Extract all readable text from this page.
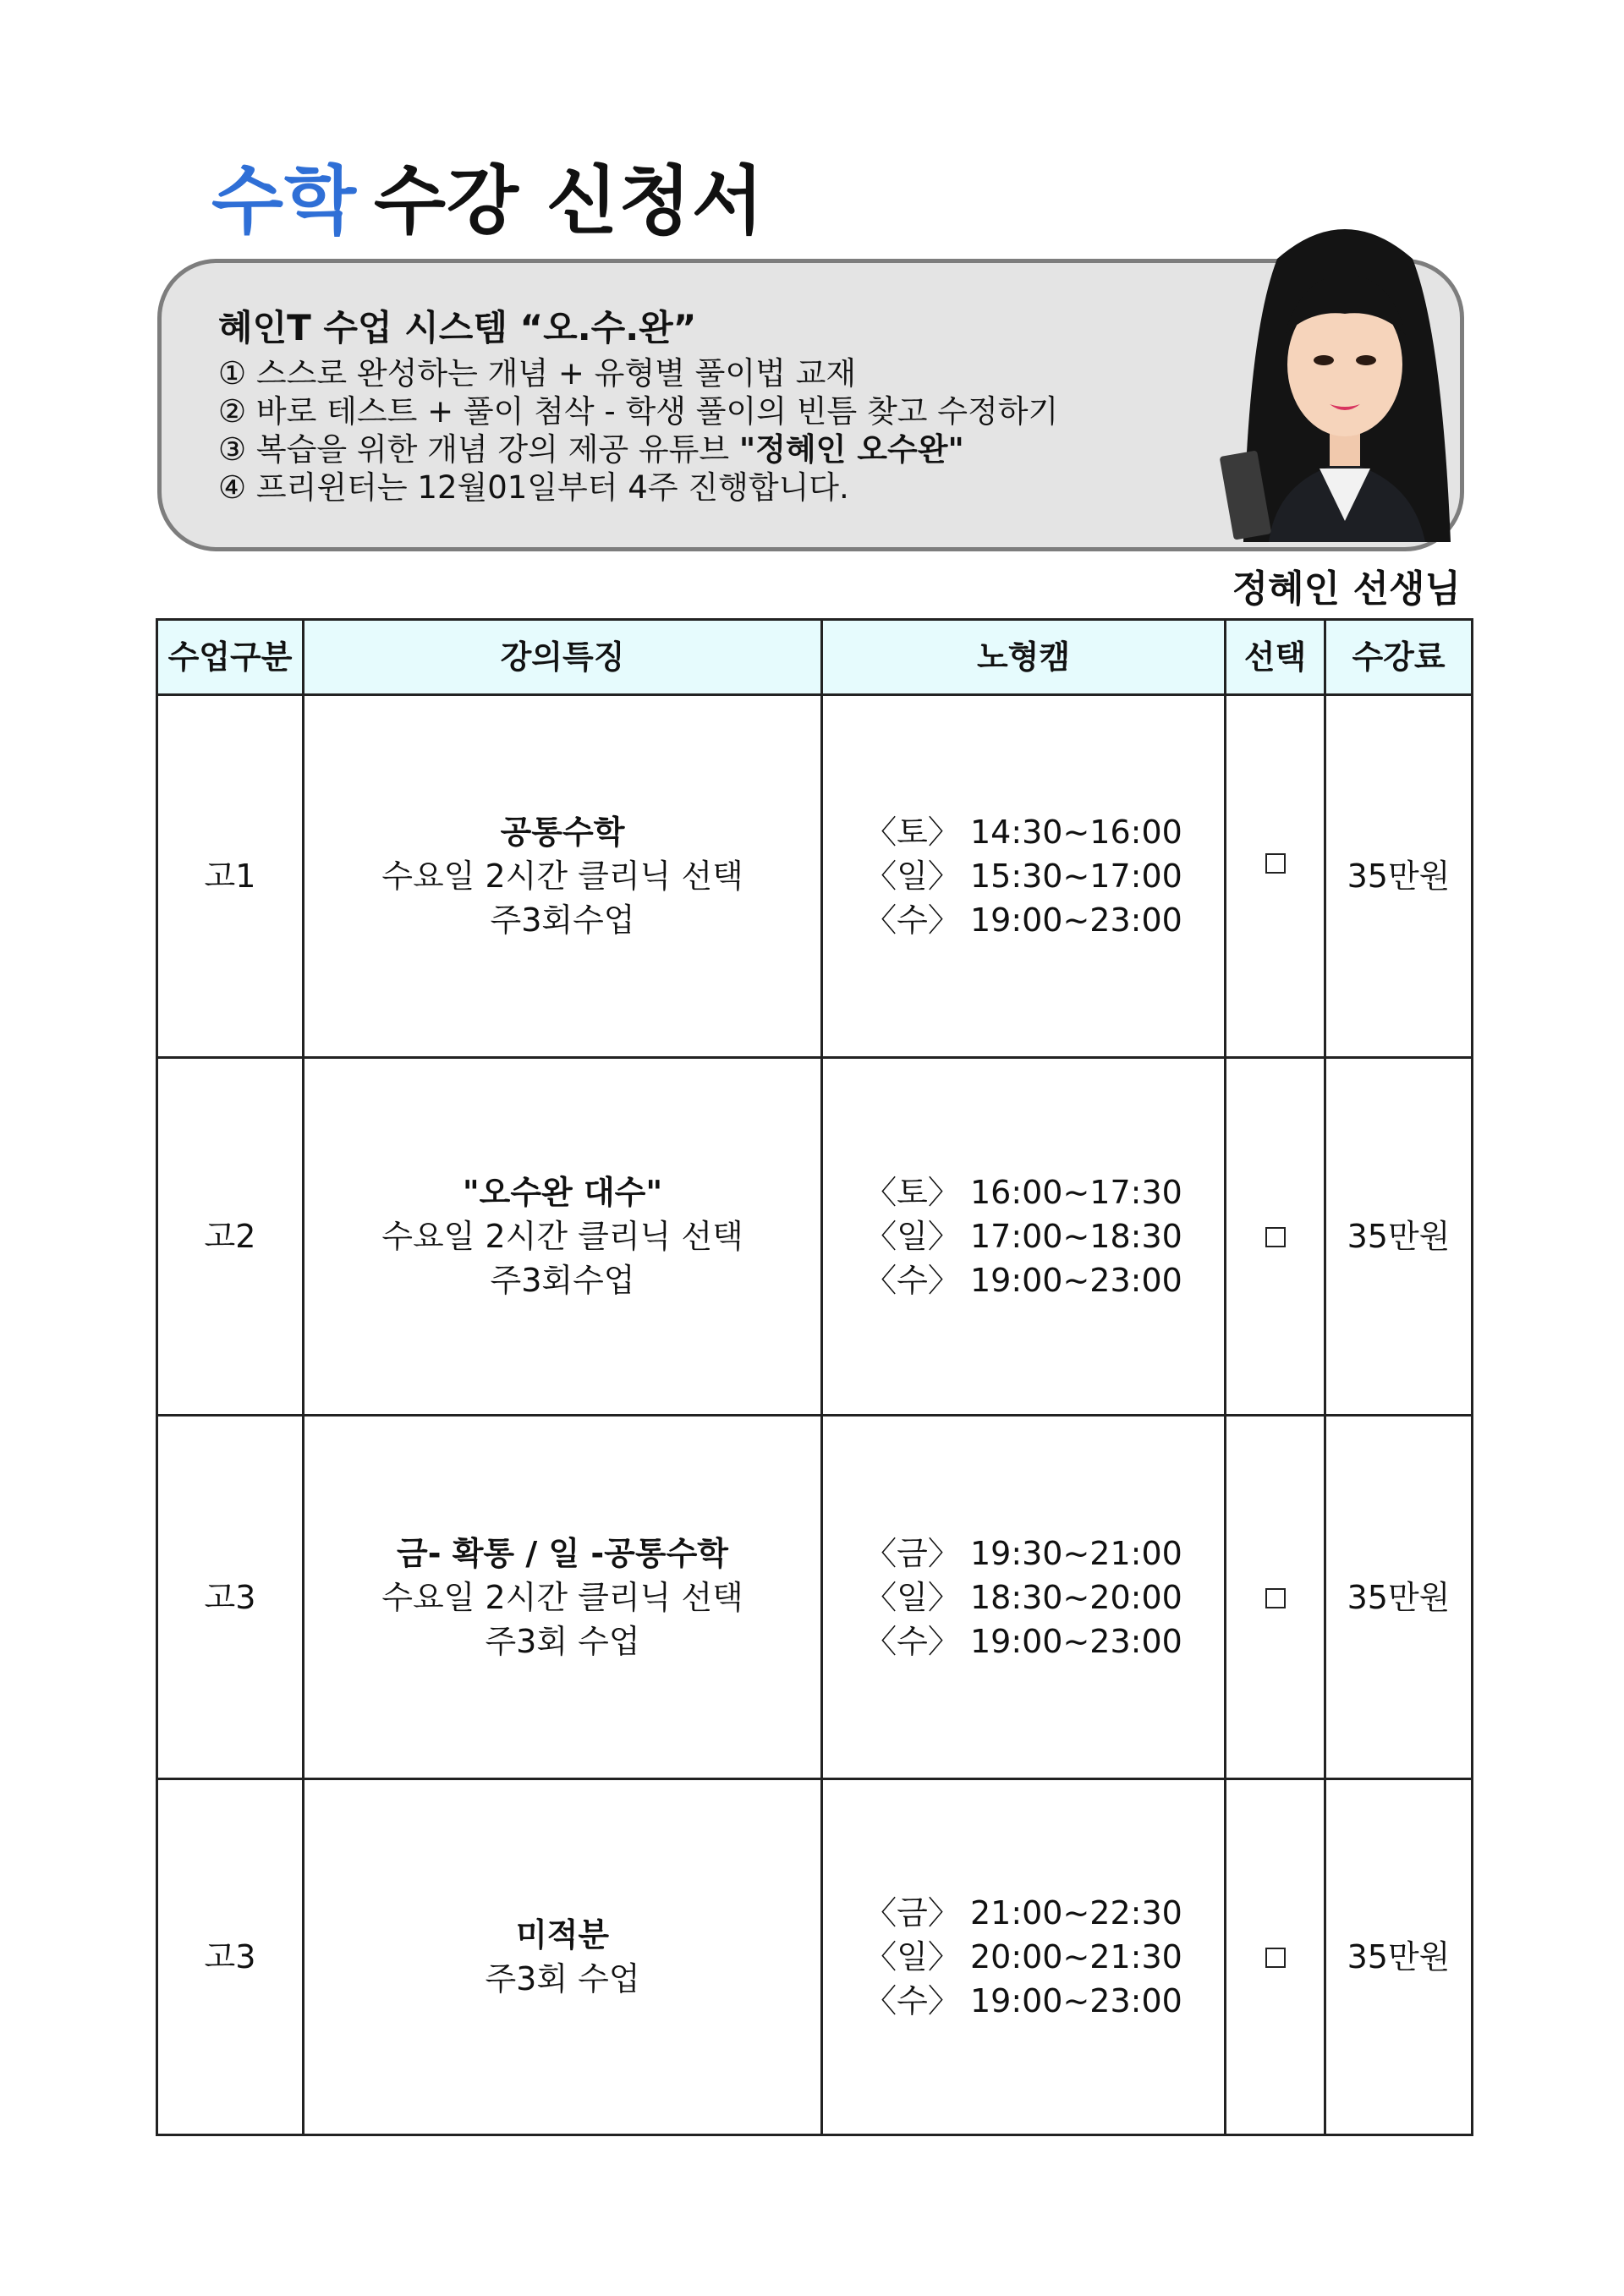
수학 수강 신청서
혜인T 수업 시스템 “오.수.완”
① 스스로 완성하는 개념 + 유형별 풀이법 교재
② 바로 테스트 + 풀이 첨삭 - 학생 풀이의 빈틈 찾고 수정하기
③ 복습을 위한 개념 강의 제공 유튜브 "정혜인 오수완"
④ 프리윈터는 12월01일부터 4주 진행합니다.
정혜인 선생님
수업구분	강의특징	노형캠	선택	수강료
고1	공통수학
수요일 2시간 클리닉 선택
주3회수업	〈토〉 14:30~16:00
〈일〉 15:30~17:00
〈수〉 19:00~23:00		35만원
고2	"오수완 대수"
수요일 2시간 클리닉 선택
주3회수업	〈토〉 16:00~17:30
〈일〉 17:00~18:30
〈수〉 19:00~23:00		35만원
고3	금- 확통 / 일 -공통수학
수요일 2시간 클리닉 선택
주3회 수업	〈금〉 19:30~21:00
〈일〉 18:30~20:00
〈수〉 19:00~23:00		35만원
고3	미적분
주3회 수업	〈금〉 21:00~22:30
〈일〉 20:00~21:30
〈수〉 19:00~23:00		35만원
